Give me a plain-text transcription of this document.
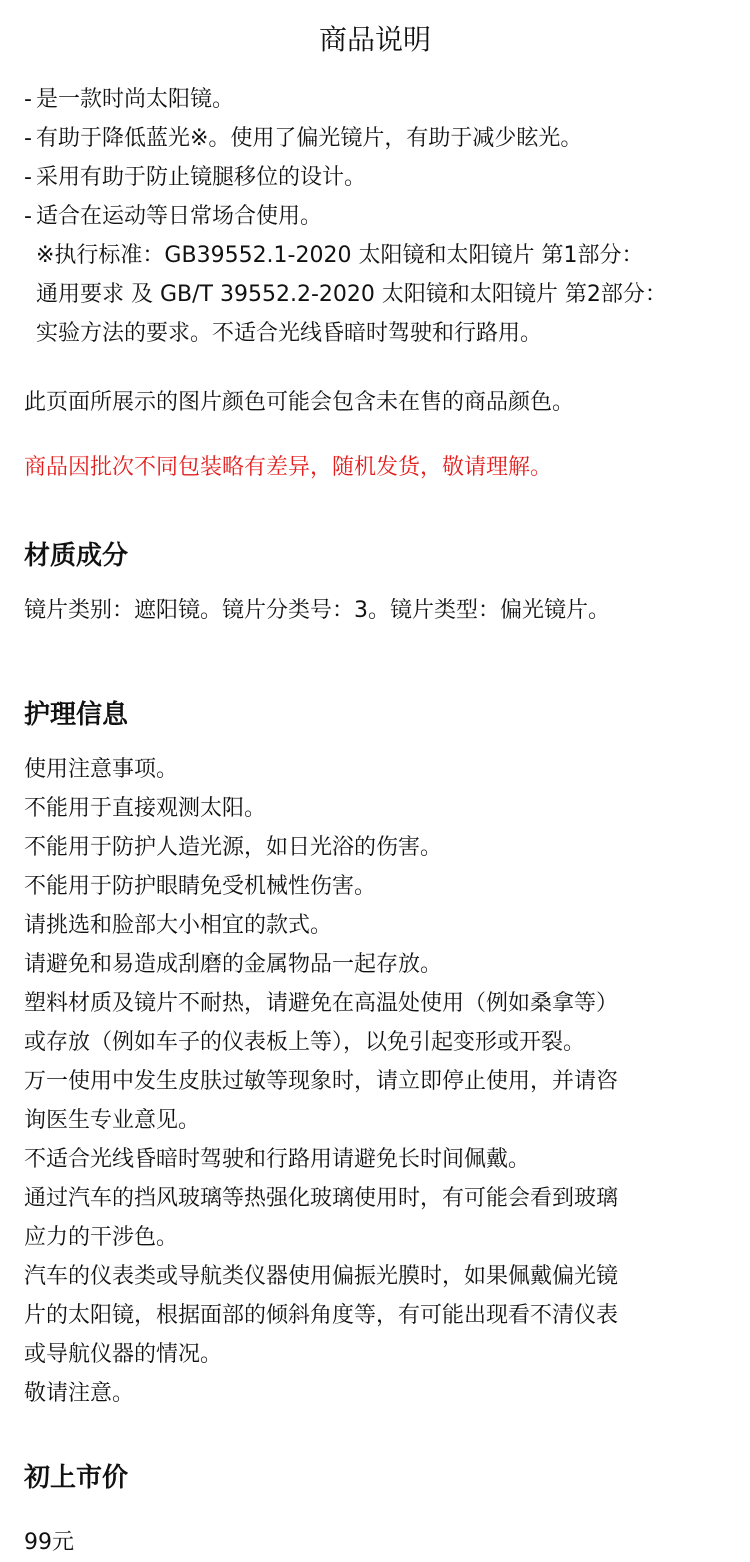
商品说明
- 是一款时尚太阳镜。
- 有助于降低蓝光※。使用了偏光镜片，有助于减少眩光。
- 采用有助于防止镜腿移位的设计。
- 适合在运动等日常场合使用。
※执行标准：GB39552.1-2020 太阳镜和太阳镜片 第1部分：
通用要求 及 GB/T 39552.2-2020 太阳镜和太阳镜片 第2部分：
实验方法的要求。不适合光线昏暗时驾驶和行路用。
此页面所展示的图片颜色可能会包含未在售的商品颜色。
商品因批次不同包装略有差异，随机发货，敬请理解。
材质成分
镜片类别：遮阳镜。镜片分类号：3。镜片类型：偏光镜片。
护理信息
使用注意事项。
不能用于直接观测太阳。
不能用于防护人造光源，如日光浴的伤害。
不能用于防护眼睛免受机械性伤害。
请挑选和脸部大小相宜的款式。
请避免和易造成刮磨的金属物品一起存放。
塑料材质及镜片不耐热，请避免在高温处使用（例如桑拿等）
或存放（例如车子的仪表板上等），以免引起变形或开裂。
万一使用中发生皮肤过敏等现象时，请立即停止使用，并请咨
询医生专业意见。
不适合光线昏暗时驾驶和行路用请避免长时间佩戴。
通过汽车的挡风玻璃等热强化玻璃使用时，有可能会看到玻璃
应力的干涉色。
汽车的仪表类或导航类仪器使用偏振光膜时，如果佩戴偏光镜
片的太阳镜，根据面部的倾斜角度等，有可能出现看不清仪表
或导航仪器的情况。
敬请注意。
初上市价
99元
